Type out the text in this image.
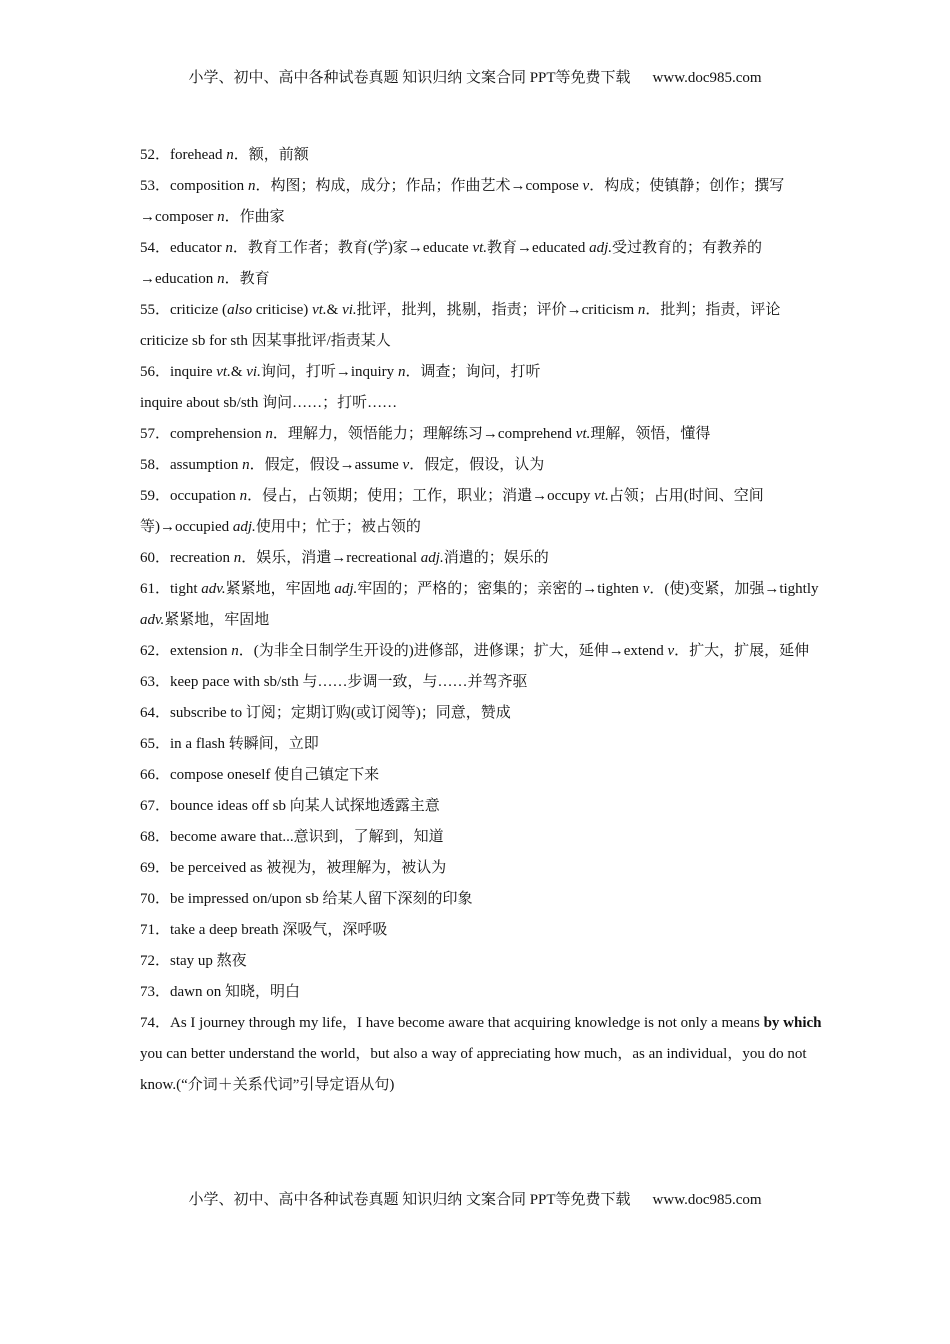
小学、初中、高中各种试卷真题 知识归纳 文案合同 PPT等免费下载 www.doc985.com

52．forehead n．额，前额

53．composition n．构图；构成，成分；作品；作曲艺术→compose v．构成；使镇静；创作；撰写→composer n．作曲家

54．educator n．教育工作者；教育(学)家→educate vt.教育→educated adj.受过教育的；有教养的→education n．教育

55．criticize (also criticise) vt.& vi.批评，批判，挑剔，指责；评价→criticism n．批判；指责，评论

criticize sb for sth 因某事批评/指责某人

56．inquire vt.& vi.询问，打听→inquiry n．调查；询问，打听

inquire about sb/sth 询问……；打听……

57．comprehension n．理解力，领悟能力；理解练习→comprehend vt.理解，领悟，懂得

58．assumption n．假定，假设→assume v．假定，假设，认为

59．occupation n．侵占，占领期；使用；工作，职业；消遣→occupy vt.占领；占用(时间、空间等)→occupied adj.使用中；忙于；被占领的

60．recreation n．娱乐，消遣→recreational adj.消遣的；娱乐的

61．tight adv.紧紧地，牢固地 adj.牢固的；严格的；密集的；亲密的→tighten v．(使)变紧，加强→tightly adv.紧紧地，牢固地

62．extension n．(为非全日制学生开设的)进修部，进修课；扩大，延伸→extend v．扩大，扩展，延伸

63．keep pace with sb/sth 与……步调一致，与……并驾齐驱

64．subscribe to 订阅；定期订购(或订阅等)；同意，赞成

65．in a flash 转瞬间，立即

66．compose oneself 使自己镇定下来

67．bounce ideas off sb 向某人试探地透露主意

68．become aware that...意识到，了解到，知道

69．be perceived as 被视为，被理解为，被认为

70．be impressed on/upon sb 给某人留下深刻的印象

71．take a deep breath 深吸气，深呼吸

72．stay up 熬夜

73．dawn on 知晓，明白

74．As I journey through my life，I have become aware that acquiring knowledge is not only a means by which you can better understand the world，but also a way of appreciating how much，as an individual，you do not know.(“介词＋关系代词”引导定语从句)

小学、初中、高中各种试卷真题 知识归纳 文案合同 PPT等免费下载 www.doc985.com
